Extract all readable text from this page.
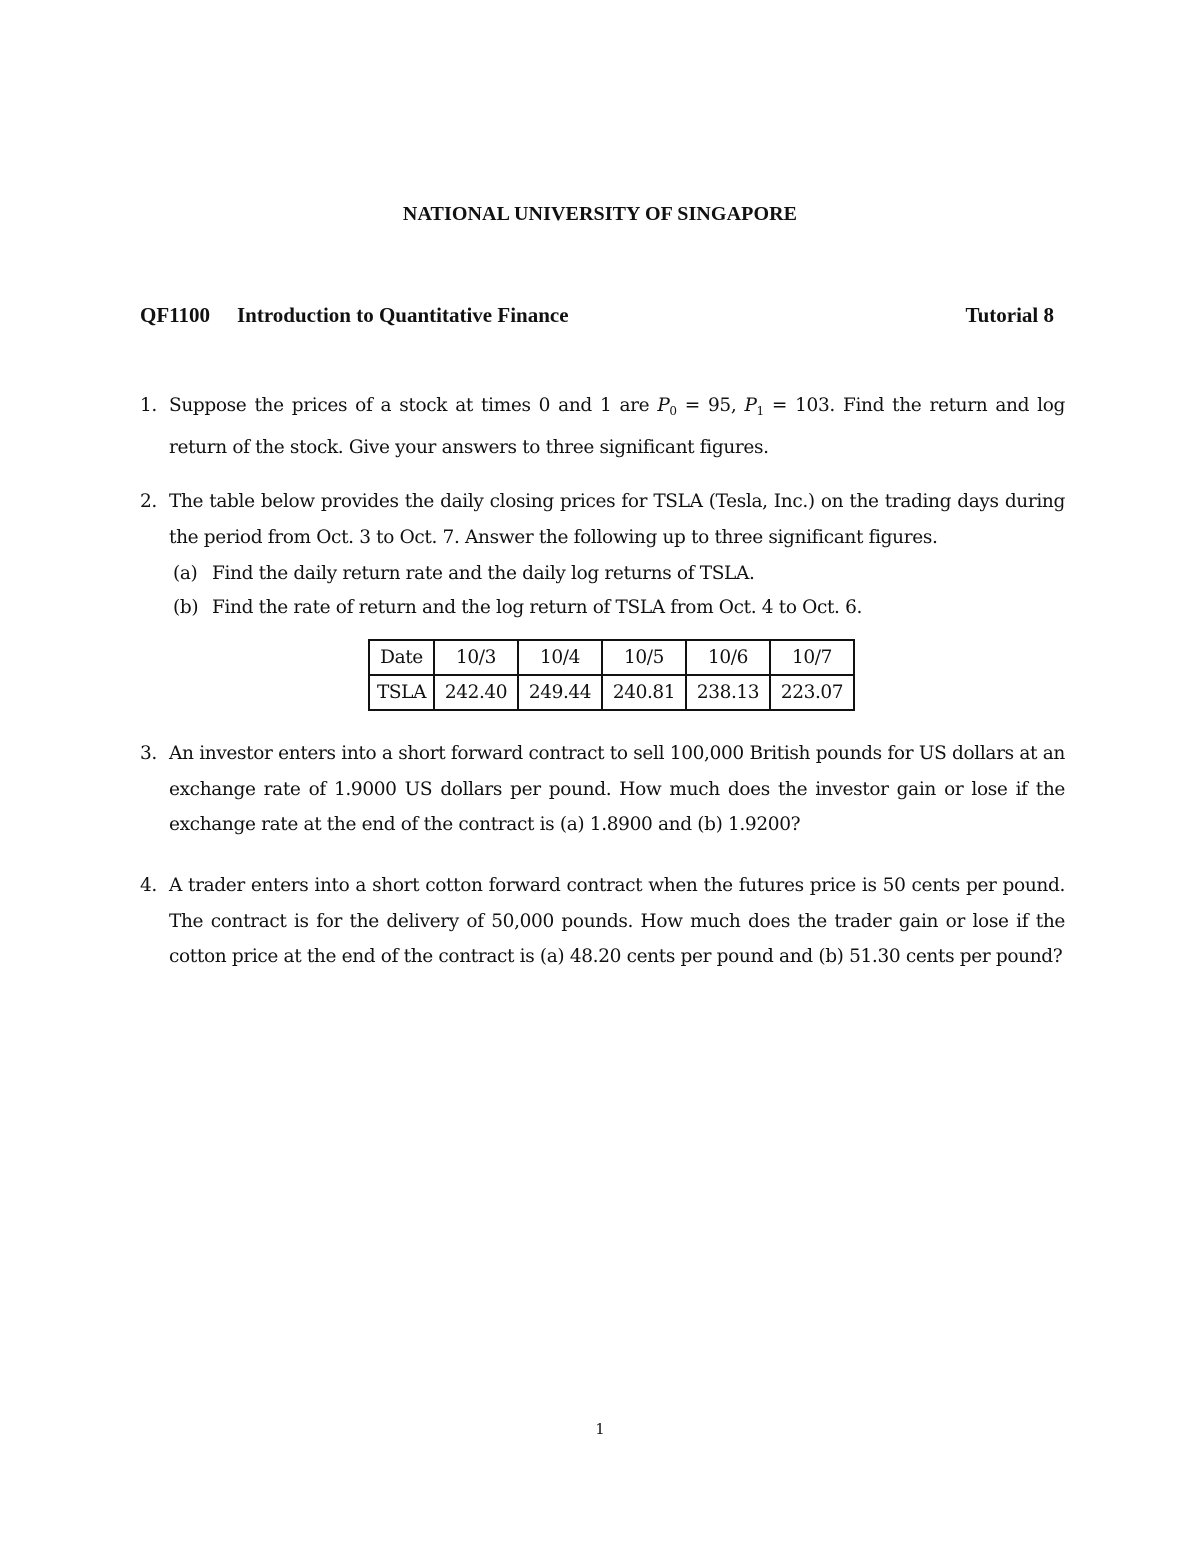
NATIONAL UNIVERSITY OF SINGAPORE
QF1100 Introduction to Quantitative Finance	Tutorial 8
1. Suppose the prices of a stock at times 0 and 1 are $P_0 = 95$, $P_1 = 103$. Find the return and log return of the stock. Give your answers to three significant figures.
2. The table below provides the daily closing prices for TSLA (Tesla, Inc.) on the trading days during the period from Oct. 3 to Oct. 7. Answer the following up to three significant figures.
(a) Find the daily return rate and the daily log returns of TSLA.
(b) Find the rate of return and the log return of TSLA from Oct. 4 to Oct. 6.
Date	10/3	10/4	10/5	10/6	10/7
TSLA	242.40	249.44	240.81	238.13	223.07
3. An investor enters into a short forward contract to sell 100,000 British pounds for US dollars at an exchange rate of 1.9000 US dollars per pound. How much does the investor gain or lose if the exchange rate at the end of the contract is (a) 1.8900 and (b) 1.9200?
4. A trader enters into a short cotton forward contract when the futures price is 50 cents per pound. The contract is for the delivery of 50,000 pounds. How much does the trader gain or lose if the cotton price at the end of the contract is (a) 48.20 cents per pound and (b) 51.30 cents per pound?
1
